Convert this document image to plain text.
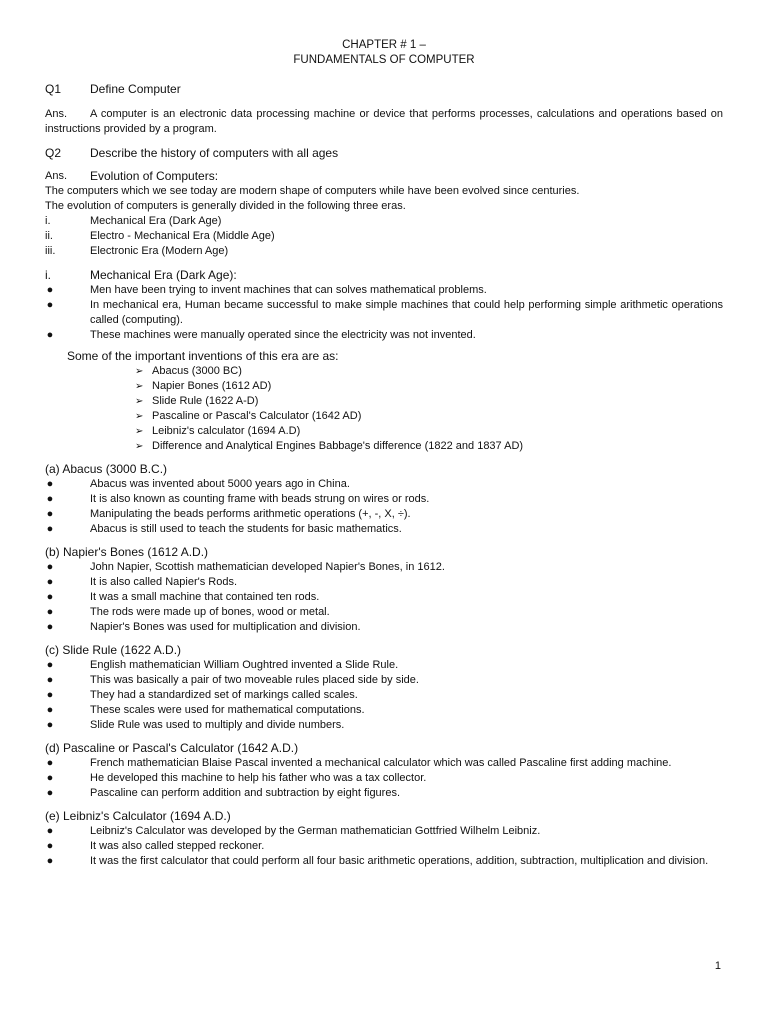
CHAPTER # 1 –
FUNDAMENTALS OF COMPUTER
Q1	Define Computer
Ans.	A computer is an electronic data processing machine or device that performs processes, calculations and operations based on instructions provided by a program.

Q2	Describe the history of computers with all ages
Ans.	Evolution of Computers:

The computers which we see today are modern shape of computers while have been evolved since centuries.

The evolution of computers is generally divided in the following three eras.

i.	Mechanical Era (Dark Age)
ii.	Electro - Mechanical Era (Middle Age)
iii.	Electronic Era (Modern Age)
i.	Mechanical Era (Dark Age):
●	Men have been trying to invent machines that can solves mathematical problems.
●	In mechanical era, Human became successful to make simple machines that could help performing simple arithmetic operations called (computing).
●	These machines were manually operated since the electricity was not invented.

Some of the important inventions of this era are as:

➢ Abacus (3000 BC)
➢ Napier Bones (1612 AD)
➢ Slide Rule (1622 A-D)
➢ Pascaline or Pascal's Calculator (1642 AD)
➢ Leibniz's calculator (1694 A.D)
➢ Difference and Analytical Engines Babbage's difference (1822 and 1837 AD)

(a) Abacus (3000 B.C.)

●	Abacus was invented about 5000 years ago in China.
●	It is also known as counting frame with beads strung on wires or rods.
●	Manipulating the beads performs arithmetic operations (+, -, X, ÷).
●	Abacus is still used to teach the students for basic mathematics.

(b) Napier's Bones (1612 A.D.)

●	John Napier, Scottish mathematician developed Napier's Bones, in 1612.
●	It is also called Napier's Rods.
●	It was a small machine that contained ten rods.
●	The rods were made up of bones, wood or metal.
●	Napier's Bones was used for multiplication and division.

(c) Slide Rule (1622 A.D.)

●	English mathematician William Oughtred invented a Slide Rule.
●	This was basically a pair of two moveable rules placed side by side.
●	They had a standardized set of markings called scales.
●	These scales were used for mathematical computations.
●	Slide Rule was used to multiply and divide numbers.

(d) Pascaline or Pascal's Calculator (1642 A.D.)

●	French mathematician Blaise Pascal invented a mechanical calculator which was called Pascaline first adding machine.
●	He developed this machine to help his father who was a tax collector.
●	Pascaline can perform addition and subtraction by eight figures.

(e) Leibniz's Calculator (1694 A.D.)

●	Leibniz's Calculator was developed by the German mathematician Gottfried Wilhelm Leibniz.
●	It was also called stepped reckoner.
●	It was the first calculator that could perform all four basic arithmetic operations, addition, subtraction, multiplication and division.
1
